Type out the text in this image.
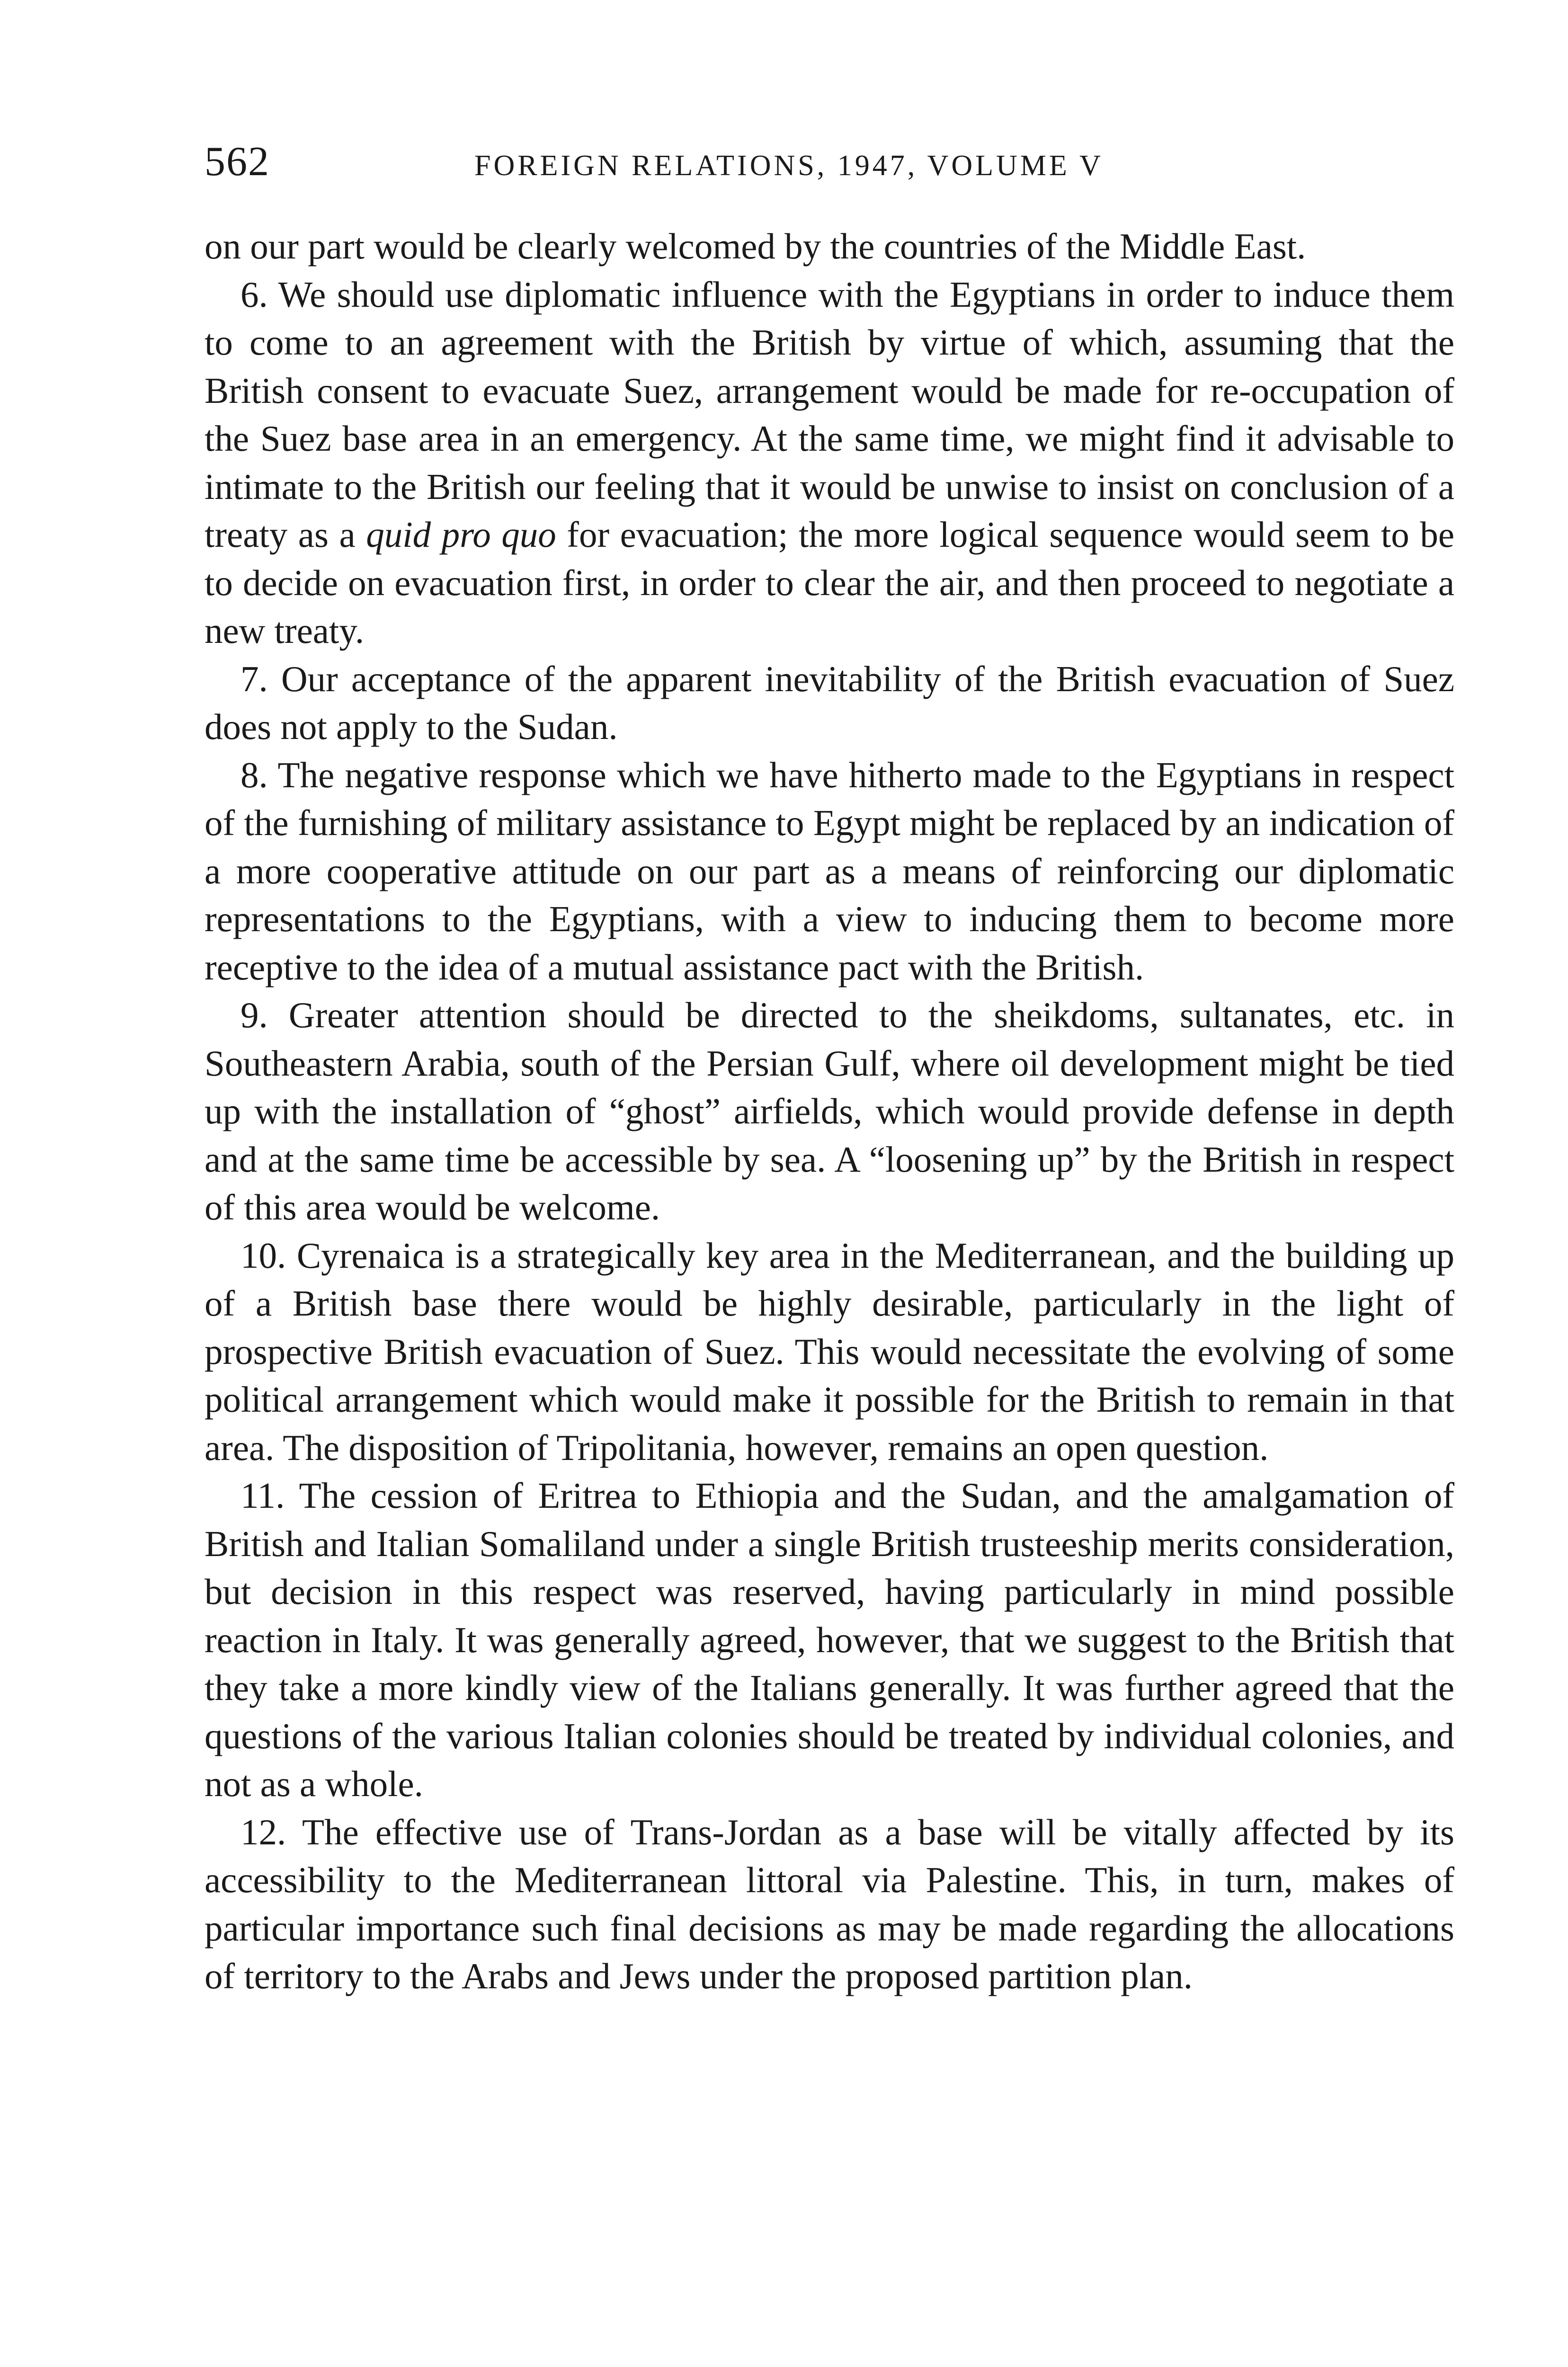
562	FOREIGN RELATIONS, 1947, VOLUME V

on our part would be clearly welcomed by the countries of the Middle East.

6. We should use diplomatic influence with the Egyptians in order to induce them to come to an agreement with the British by virtue of which, assuming that the British consent to evacuate Suez, arrangement would be made for re-occupation of the Suez base area in an emergency. At the same time, we might find it advisable to intimate to the British our feeling that it would be unwise to insist on conclusion of a treaty as a quid pro quo for evacuation; the more logical sequence would seem to be to decide on evacuation first, in order to clear the air, and then proceed to negotiate a new treaty.

7. Our acceptance of the apparent inevitability of the British evacuation of Suez does not apply to the Sudan.

8. The negative response which we have hitherto made to the Egyptians in respect of the furnishing of military assistance to Egypt might be replaced by an indication of a more cooperative attitude on our part as a means of reinforcing our diplomatic representations to the Egyptians, with a view to inducing them to become more receptive to the idea of a mutual assistance pact with the British.

9. Greater attention should be directed to the sheikdoms, sultanates, etc. in Southeastern Arabia, south of the Persian Gulf, where oil development might be tied up with the installation of “ghost” airfields, which would provide defense in depth and at the same time be accessible by sea. A “loosening up” by the British in respect of this area would be welcome.

10. Cyrenaica is a strategically key area in the Mediterranean, and the building up of a British base there would be highly desirable, particularly in the light of prospective British evacuation of Suez. This would necessitate the evolving of some political arrangement which would make it possible for the British to remain in that area. The disposition of Tripolitania, however, remains an open question.

11. The cession of Eritrea to Ethiopia and the Sudan, and the amalgamation of British and Italian Somaliland under a single British trusteeship merits consideration, but decision in this respect was reserved, having particularly in mind possible reaction in Italy. It was generally agreed, however, that we suggest to the British that they take a more kindly view of the Italians generally. It was further agreed that the questions of the various Italian colonies should be treated by individual colonies, and not as a whole.

12. The effective use of Trans-Jordan as a base will be vitally affected by its accessibility to the Mediterranean littoral via Palestine. This, in turn, makes of particular importance such final decisions as may be made regarding the allocations of territory to the Arabs and Jews under the proposed partition plan.
